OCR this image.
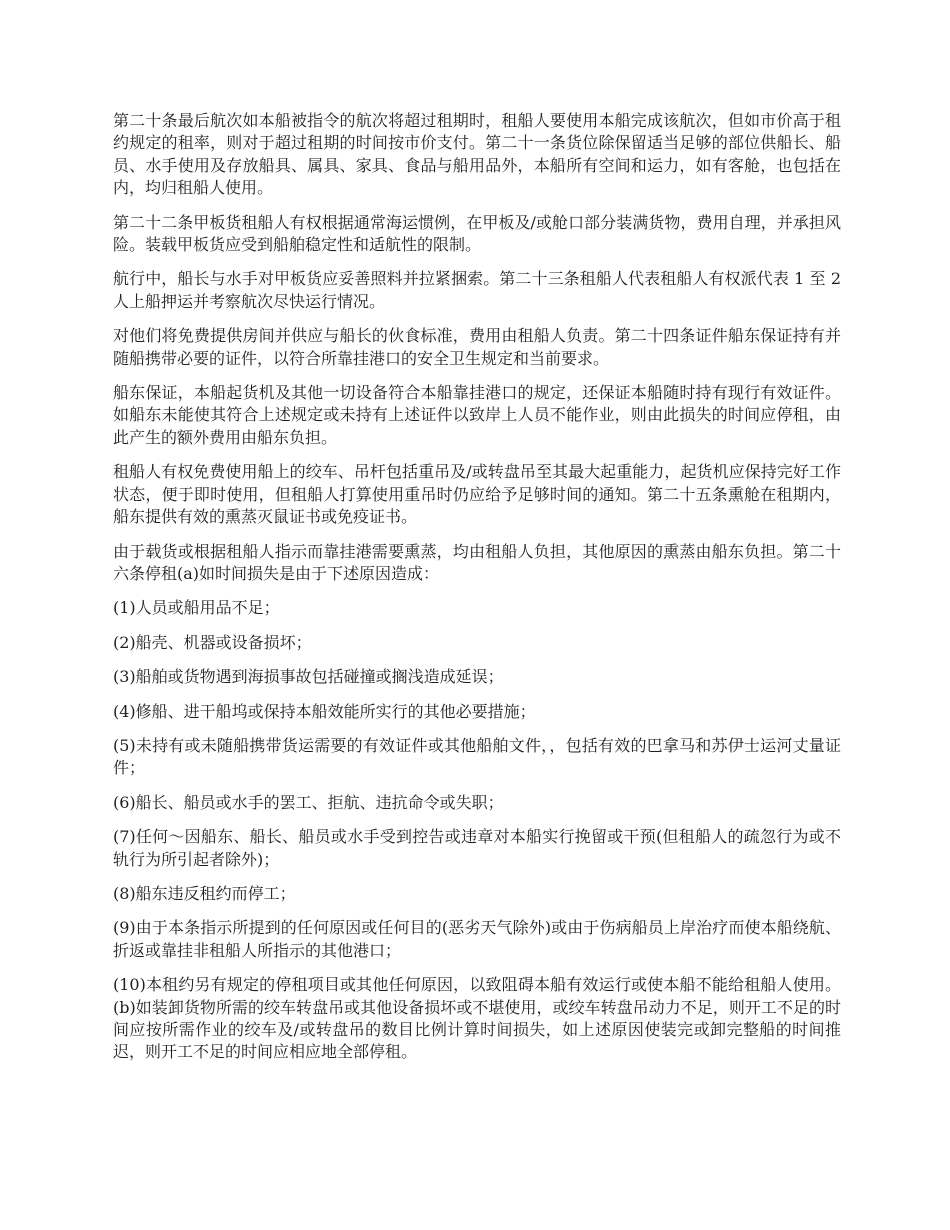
第二十条最后航次如本船被指令的航次将超过租期时，租船人要使用本船完成该航次，但如市价高于租约规定的租率，则对于超过租期的时间按市价支付。第二十一条货位除保留适当足够的部位供船长、船员、水手使用及存放船具、属具、家具、食品与船用品外，本船所有空间和运力，如有客舱，也包括在内，均归租船人使用。

第二十二条甲板货租船人有权根据通常海运惯例，在甲板及/或舱口部分装满货物，费用自理，并承担风险。装载甲板货应受到船舶稳定性和适航性的限制。

航行中，船长与水手对甲板货应妥善照料并拉紧捆索。第二十三条租船人代表租船人有权派代表 1 至 2 人上船押运并考察航次尽快运行情况。

对他们将免费提供房间并供应与船长的伙食标准，费用由租船人负责。第二十四条证件船东保证持有并随船携带必要的证件，以符合所靠挂港口的安全卫生规定和当前要求。

船东保证，本船起货机及其他一切设备符合本船靠挂港口的规定，还保证本船随时持有现行有效证件。如船东未能使其符合上述规定或未持有上述证件以致岸上人员不能作业，则由此损失的时间应停租，由此产生的额外费用由船东负担。

租船人有权免费使用船上的绞车、吊杆包括重吊及/或转盘吊至其最大起重能力，起货机应保持完好工作状态，便于即时使用，但租船人打算使用重吊时仍应给予足够时间的通知。第二十五条熏舱在租期内，船东提供有效的熏蒸灭鼠证书或免疫证书。

由于载货或根据租船人指示而靠挂港需要熏蒸，均由租船人负担，其他原因的熏蒸由船东负担。第二十六条停租(a)如时间损失是由于下述原因造成：

(1)人员或船用品不足；

(2)船壳、机器或设备损坏；

(3)船舶或货物遇到海损事故包括碰撞或搁浅造成延误；

(4)修船、进干船坞或保持本船效能所实行的其他必要措施；

(5)未持有或未随船携带货运需要的有效证件或其他船舶文件，，包括有效的巴拿马和苏伊士运河丈量证件；

(6)船长、船员或水手的罢工、拒航、违抗命令或失职；

(7)任何～因船东、船长、船员或水手受到控告或违章对本船实行挽留或干预(但租船人的疏忽行为或不轨行为所引起者除外)；

(8)船东违反租约而停工；

(9)由于本条指示所提到的任何原因或任何目的(恶劣天气除外)或由于伤病船员上岸治疗而使本船绕航、折返或靠挂非租船人所指示的其他港口；

(10)本租约另有规定的停租项目或其他任何原因，以致阻碍本船有效运行或使本船不能给租船人使用。(b)如装卸货物所需的绞车转盘吊或其他设备损坏或不堪使用，或绞车转盘吊动力不足，则开工不足的时间应按所需作业的绞车及/或转盘吊的数目比例计算时间损失，如上述原因使装完或卸完整船的时间推迟，则开工不足的时间应相应地全部停租。
